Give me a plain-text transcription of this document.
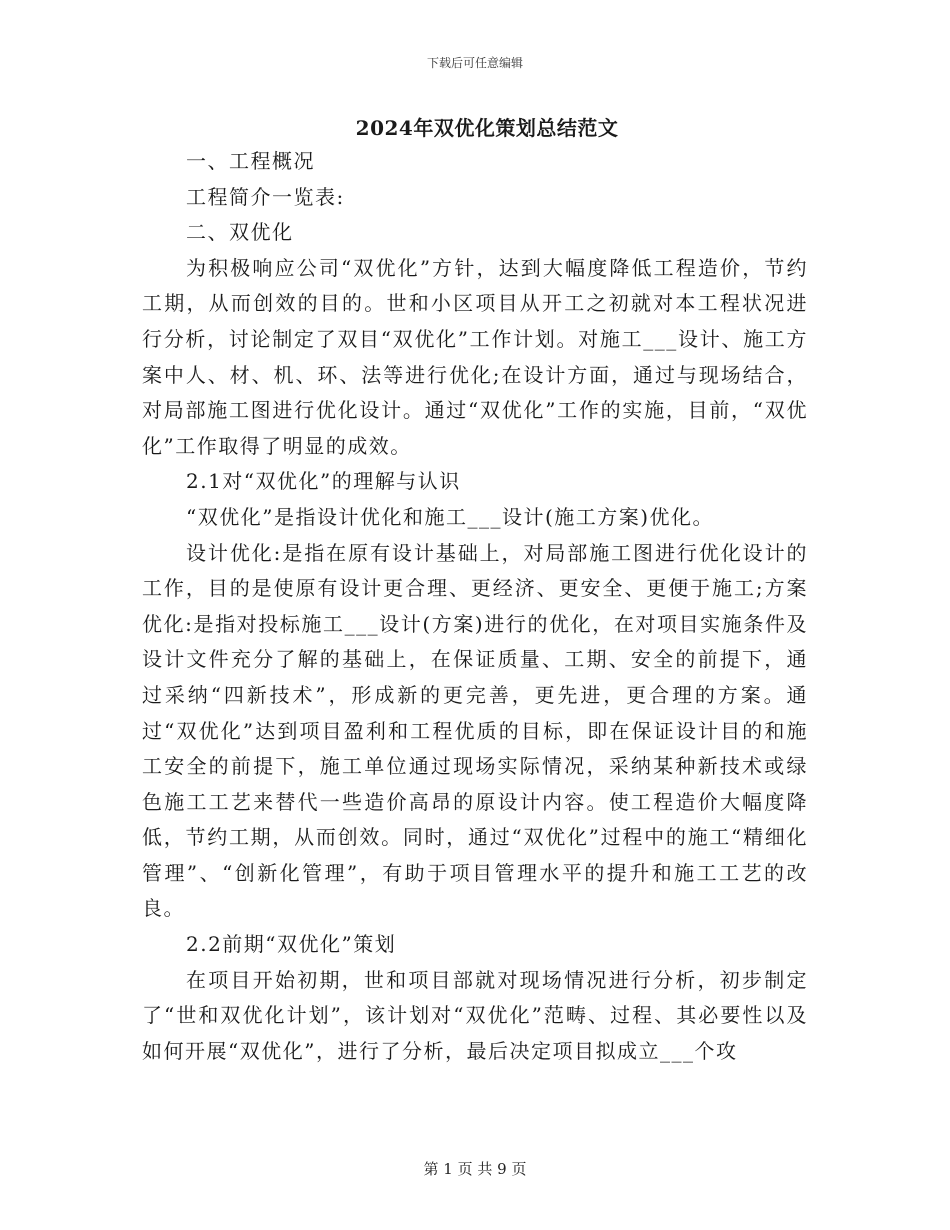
下载后可任意编辑
2024年双优化策划总结范文

一、工程概况

工程简介一览表:

二、双优化

为积极响应公司“双优化”方针，达到大幅度降低工程造价，节约工期，从而创效的目的。世和小区项目从开工之初就对本工程状况进行分析，讨论制定了双目“双优化”工作计划。对施工___设计、施工方案中人、材、机、环、法等进行优化;在设计方面，通过与现场结合，对局部施工图进行优化设计。通过“双优化”工作的实施，目前，“双优化”工作取得了明显的成效。

2.1对“双优化”的理解与认识

“双优化”是指设计优化和施工___设计(施工方案)优化。

设计优化:是指在原有设计基础上，对局部施工图进行优化设计的工作，目的是使原有设计更合理、更经济、更安全、更便于施工;方案优化:是指对投标施工___设计(方案)进行的优化，在对项目实施条件及设计文件充分了解的基础上，在保证质量、工期、安全的前提下，通过采纳“四新技术”，形成新的更完善，更先进，更合理的方案。通过“双优化”达到项目盈利和工程优质的目标，即在保证设计目的和施工安全的前提下，施工单位通过现场实际情况，采纳某种新技术或绿色施工工艺来替代一些造价高昂的原设计内容。使工程造价大幅度降低，节约工期，从而创效。同时，通过“双优化”过程中的施工“精细化管理”、“创新化管理”，有助于项目管理水平的提升和施工工艺的改良。

2.2前期“双优化”策划

在项目开始初期，世和项目部就对现场情况进行分析，初步制定了“世和双优化计划”，该计划对“双优化”范畴、过程、其必要性以及如何开展“双优化”，进行了分析，最后决定项目拟成立___个攻

第 1 页 共 9 页
